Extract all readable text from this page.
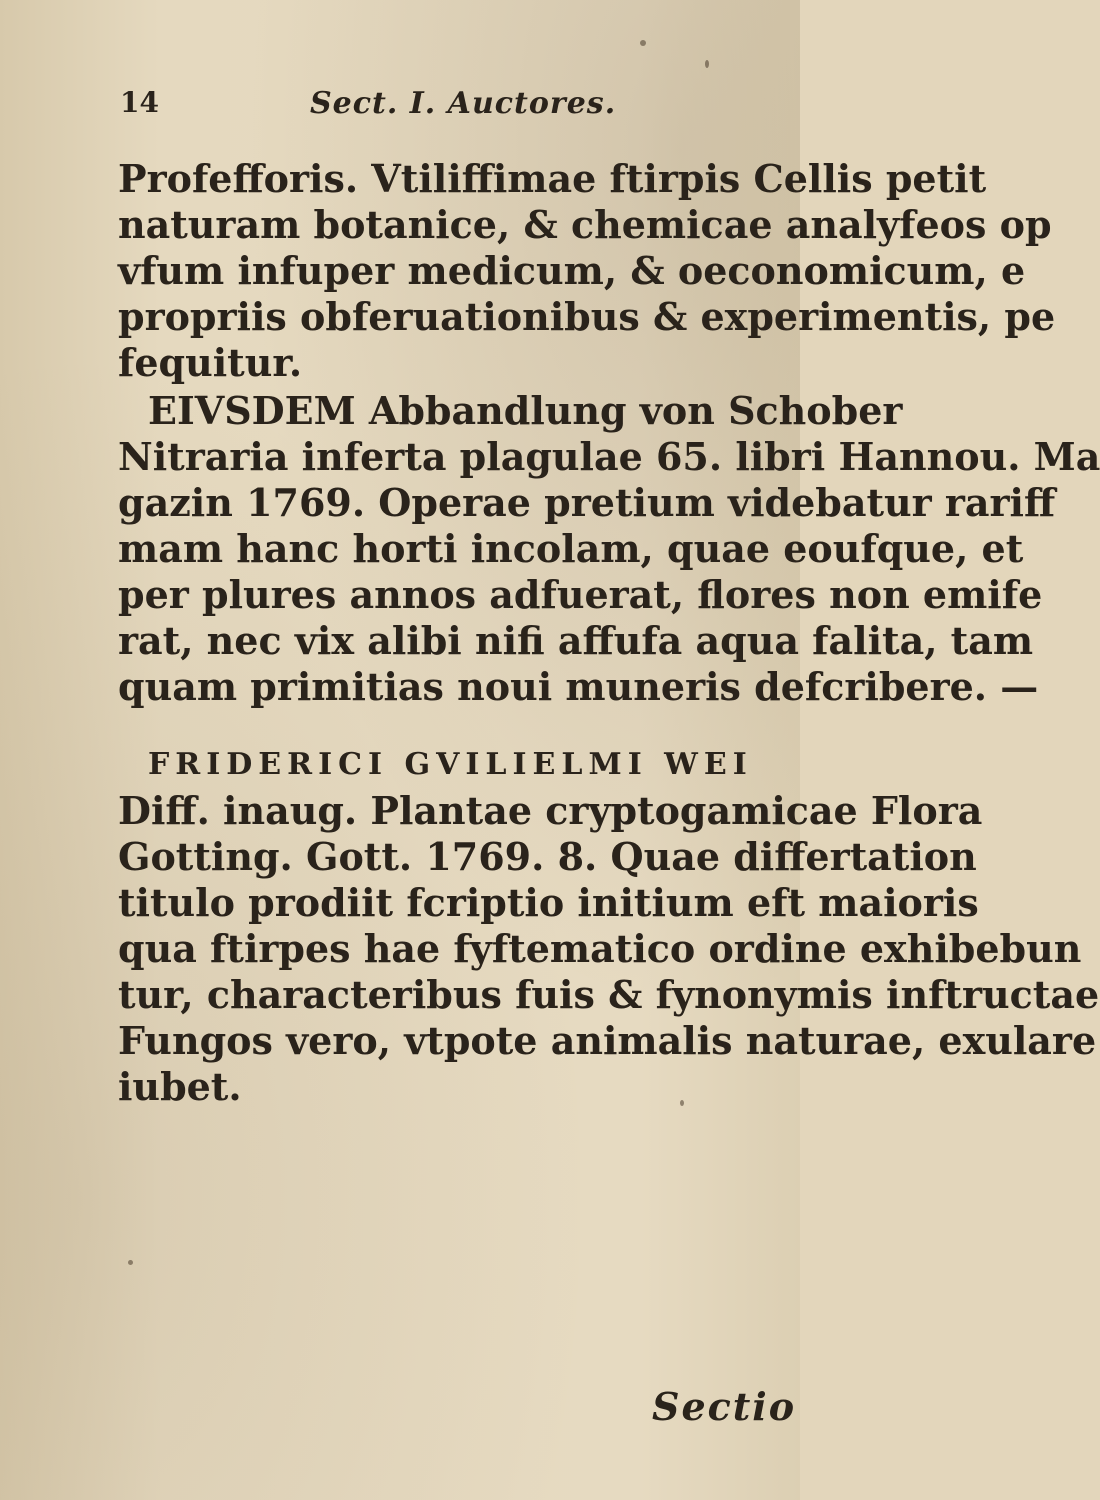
14	Sect. I. Auctores.
Profefforis. Vtiliffimae ftirpis Cellis petit
naturam botanice, & chemicae analyfeos op
vfum infuper medicum, & oeconomicum, e
propriis obferuationibus & experimentis, pe
fequitur.
EIVSDEM Abbandlung von Schober
Nitraria inferta plagulae 65. libri Hannou. Ma
gazin 1769. Operae pretium videbatur rariff
mam hanc horti incolam, quae eoufque, et
per plures annos adfuerat, flores non emife
rat, nec vix alibi nifi affufa aqua falita, tam
quam primitias noui muneris defcribere. —
FRIDERICI GVILIELMI WEI
Diff. inaug. Plantae cryptogamicae Flora
Gotting. Gott. 1769. 8. Quae differtation
titulo prodiit fcriptio initium eft maioris
qua ftirpes hae fyftematico ordine exhibebun
tur, characteribus fuis & fynonymis inftructae
Fungos vero, vtpote animalis naturae, exulare
iubet.
Sectio
